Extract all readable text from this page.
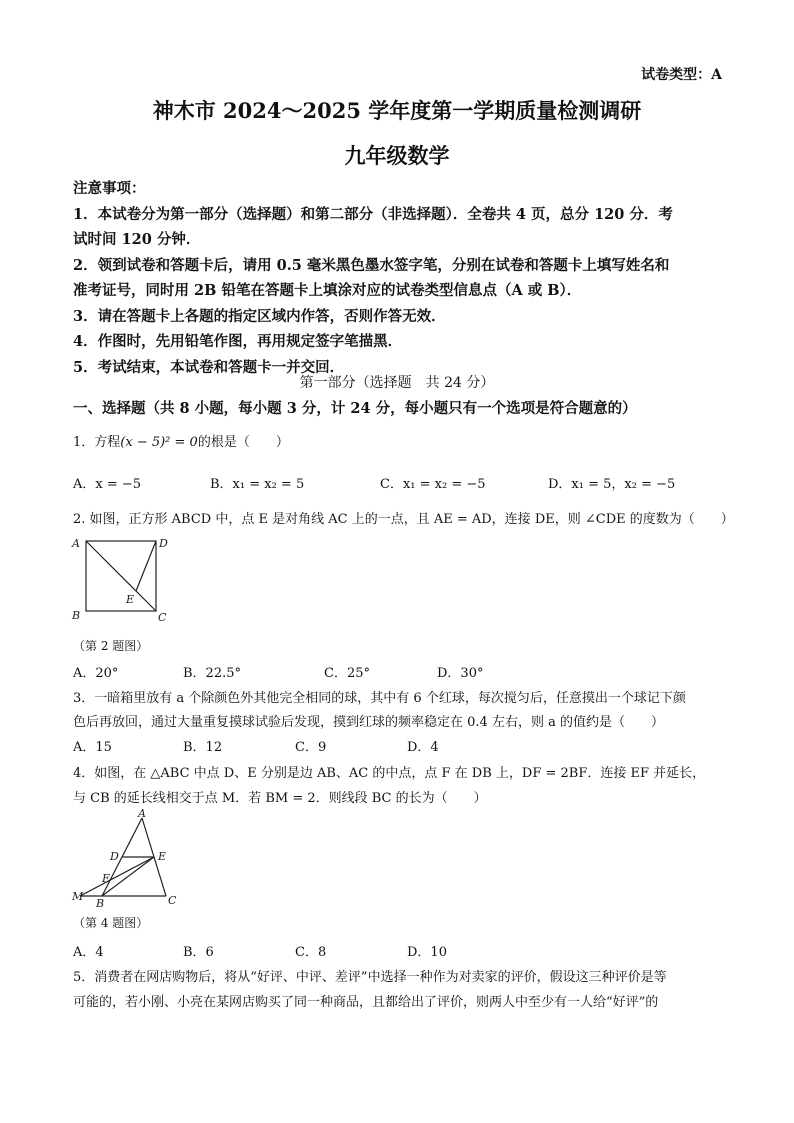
试卷类型：A
神木市 2024～2025 学年度第一学期质量检测调研
九年级数学
注意事项：
1．本试卷分为第一部分（选择题）和第二部分（非选择题）．全卷共 4 页，总分 120 分．考
试时间 120 分钟．
2．领到试卷和答题卡后，请用 0.5 毫米黑色墨水签字笔，分别在试卷和答题卡上填写姓名和
准考证号，同时用 2B 铅笔在答题卡上填涂对应的试卷类型信息点（A 或 B）．
3．请在答题卡上各题的指定区域内作答，否则作答无效．
4．作图时，先用铅笔作图，再用规定签字笔描黑．
5．考试结束，本试卷和答题卡一并交回．
第一部分（选择题　共 24 分）
一、选择题（共 8 小题，每小题 3 分，计 24 分，每小题只有一个选项是符合题意的）
1．方程(x − 5)² = 0的根是（　　）
A．x = −5	B．x₁ = x₂ = 5	C．x₁ = x₂ = −5	D．x₁ = 5，x₂ = −5
2. 如图，正方形 ABCD 中，点 E 是对角线 AC 上的一点，且 AE = AD，连接 DE，则 ∠CDE 的度数为（　　）
A	D
B	C
E
（第 2 题图）
A．20°	B．22.5°	C．25°	D．30°
3．一暗箱里放有 a 个除颜色外其他完全相同的球，其中有 6 个红球，每次搅匀后，任意摸出一个球记下颜
色后再放回，通过大量重复摸球试验后发现，摸到红球的频率稳定在 0.4 左右，则 a 的值约是（　　）
A．15	B．12	C．9	D．4
4．如图，在 △ABC 中点 D、E 分别是边 AB、AC 的中点，点 F 在 DB 上，DF = 2BF．连接 EF 并延长，
与 CB 的延长线相交于点 M．若 BM = 2．则线段 BC 的长为（　　）
A
D	E
F
M
B	C
（第 4 题图）
A．4	B．6	C．8	D．10
5．消费者在网店购物后，将从“好评、中评、差评”中选择一种作为对卖家的评价，假设这三种评价是等
可能的，若小刚、小亮在某网店购买了同一种商品，且都给出了评价，则两人中至少有一人给“好评”的
